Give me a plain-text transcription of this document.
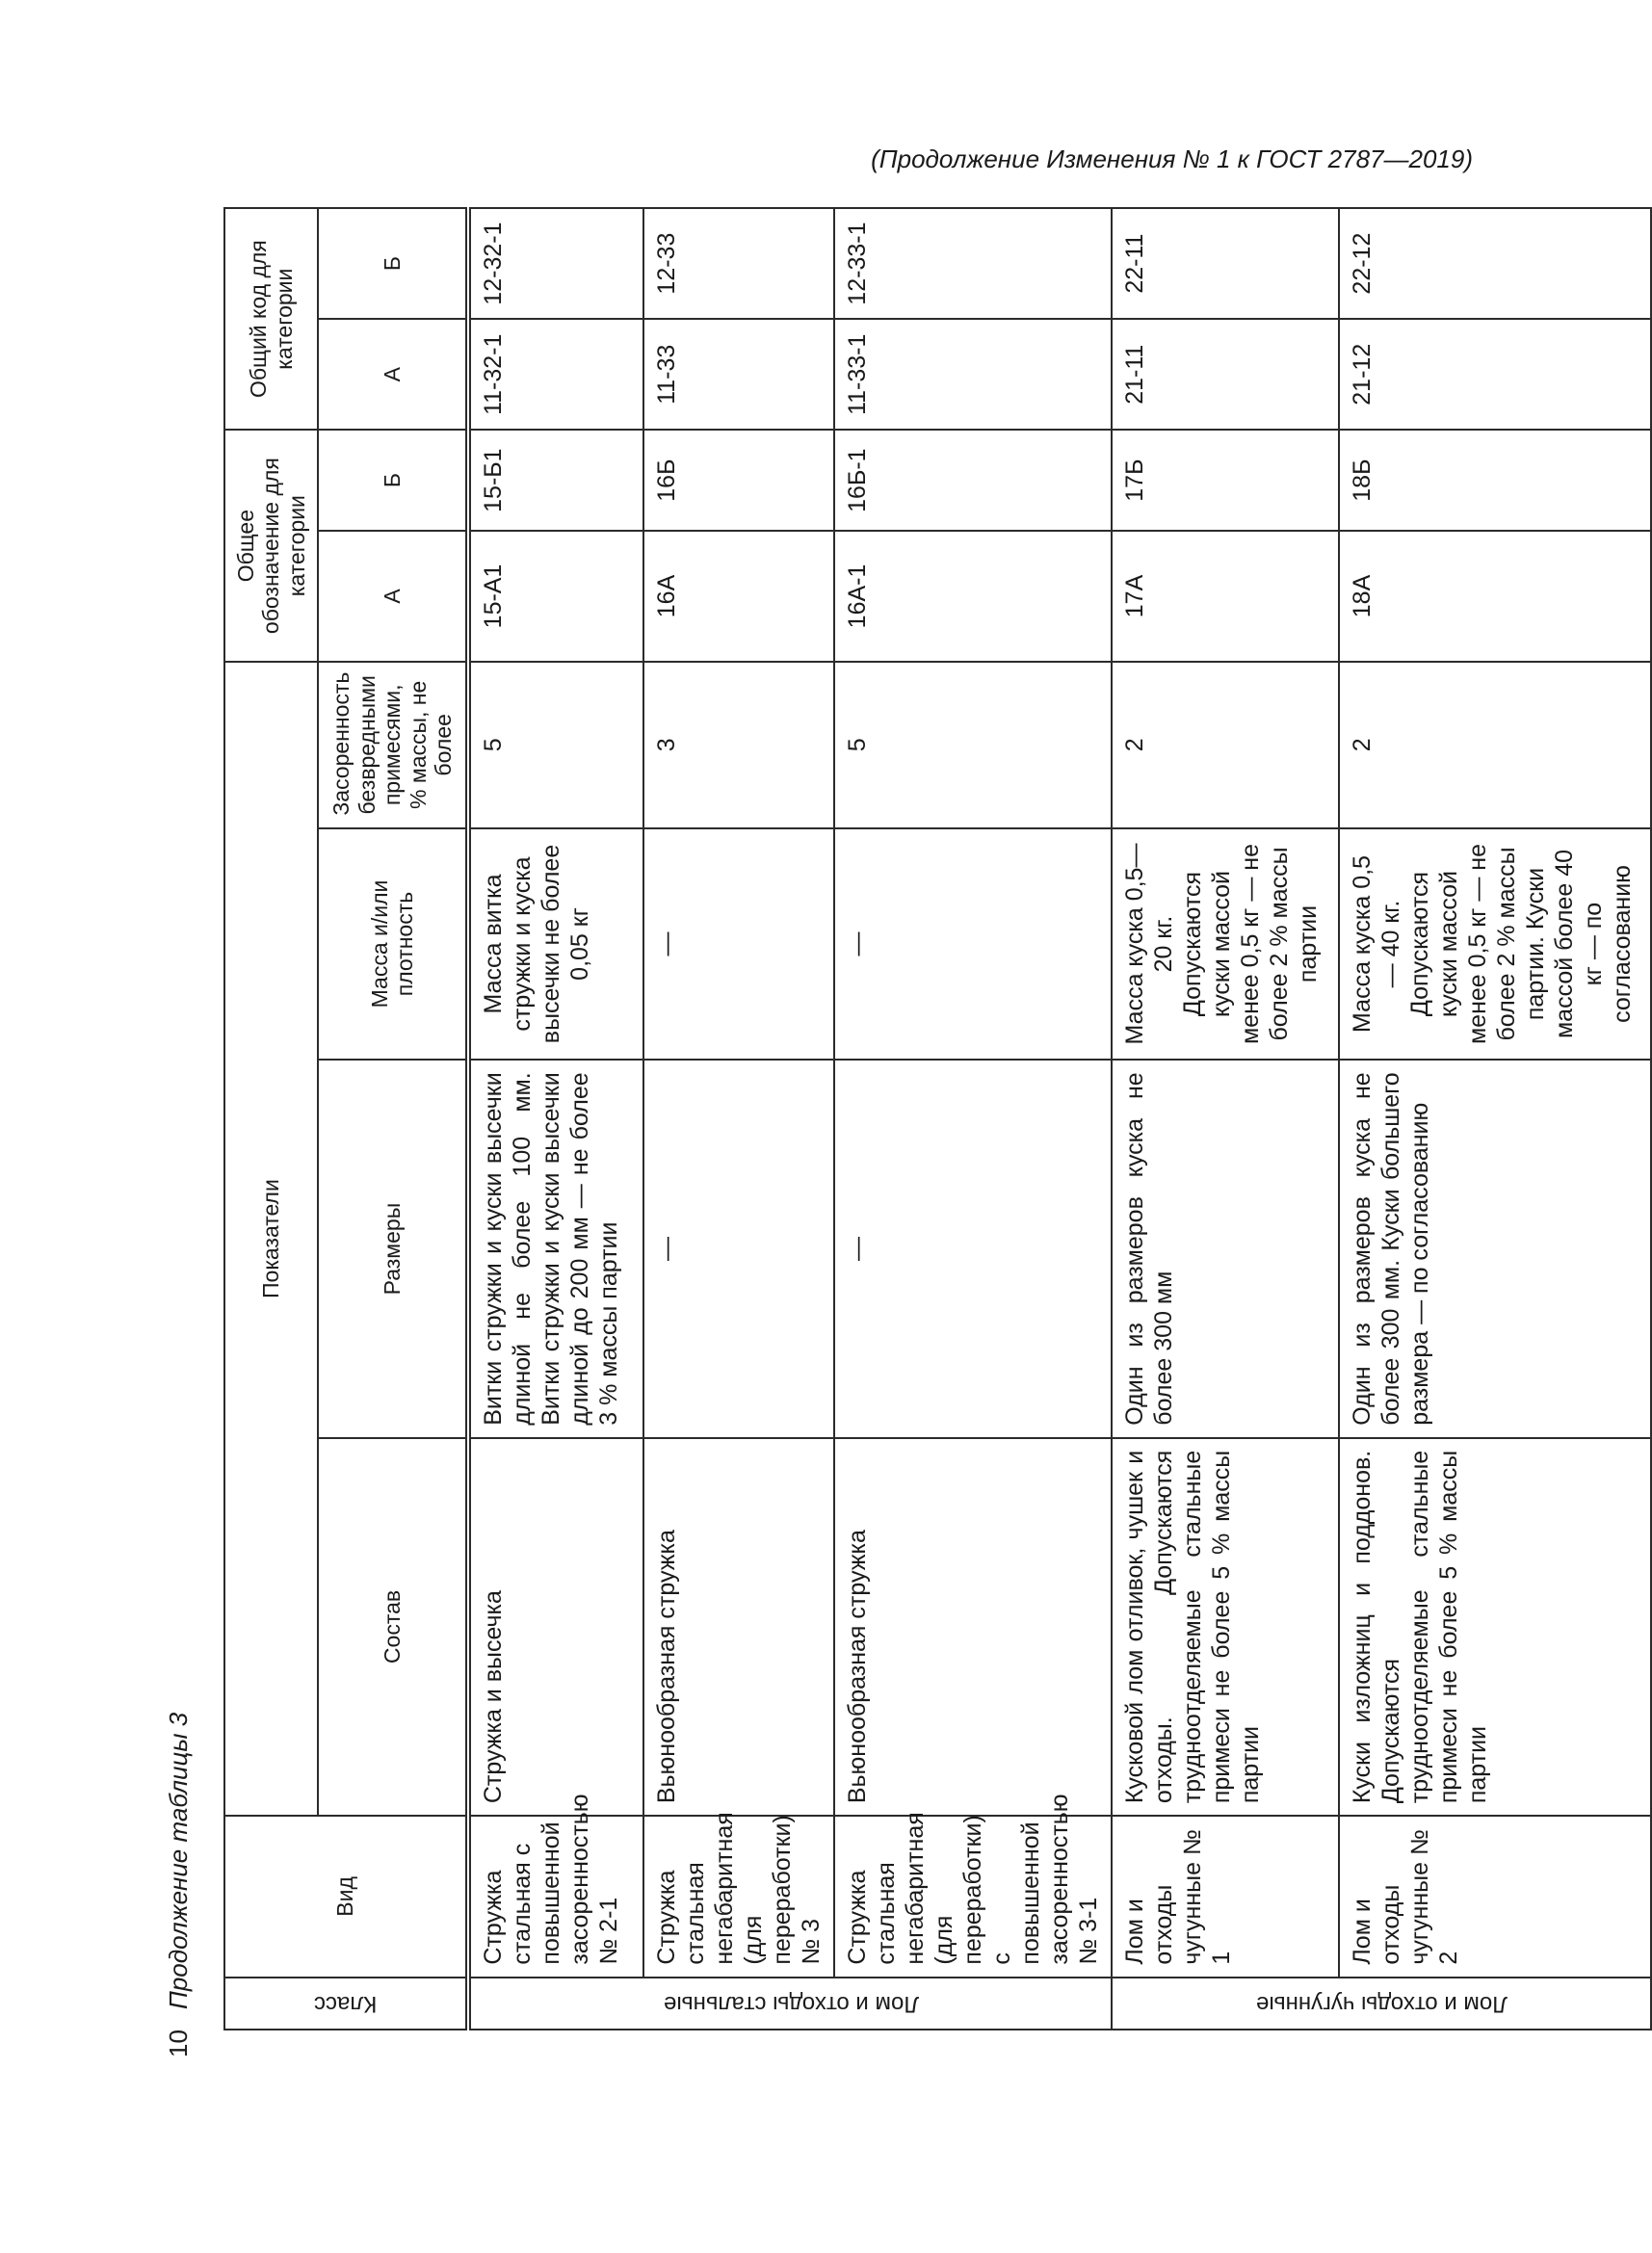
(Продолжение Изменения № 1 к ГОСТ 2787—2019)
10
Продолжение таблицы 3	Класс	Вид	Показатели				Общее обозначение для категории		Общий код для категории	
		Состав	Размеры	Масса и/или плотность	Засоренность безвредными примесями, % массы, не более	А	Б	А	Б

Лом и отходы стальные	Стружка стальная с повышенной засоренностью № 2-1	Стружка и высечка	Витки стружки и куски высечки длиной не более 100 мм. Витки стружки и куски высечки длиной до 200 мм — не более 3 % массы партии	Масса витка стружки и куска высечки не более 0,05 кг	5	15-А1	15-Б1	11-32-1	12-32-1
	Стружка стальная негабаритная (для переработки) № 3	Вьюнообразная стружка	—	—	3	16А	16Б	11-33	12-33
	Стружка стальная негабаритная (для переработки) с повышенной засоренностью № 3-1	Вьюнообразная стружка	—	—	5	16А-1	16Б-1	11-33-1	12-33-1

Лом и отходы чугунные	Лом и отходы чугунные № 1	Кусковой лом отливок, чушек и отходы. Допускаются трудноотделяемые стальные примеси не более 5 % массы партии	Один из размеров куска не более 300 мм	Масса куска 0,5—20 кг. Допускаются куски массой менее 0,5 кг — не более 2 % массы партии	2	17А	17Б	21-11	22-11
	Лом и отходы чугунные № 2	Куски изложниц и поддонов. Допускаются трудноотделяемые стальные примеси не более 5 % массы партии	Один из размеров куска не более 300 мм. Куски большего размера — по согласованию	Масса куска 0,5 — 40 кг. Допускаются куски массой менее 0,5 кг — не более 2 % массы партии. Куски массой более 40 кг — по согласованию	2	18А	18Б	21-12	22-12
